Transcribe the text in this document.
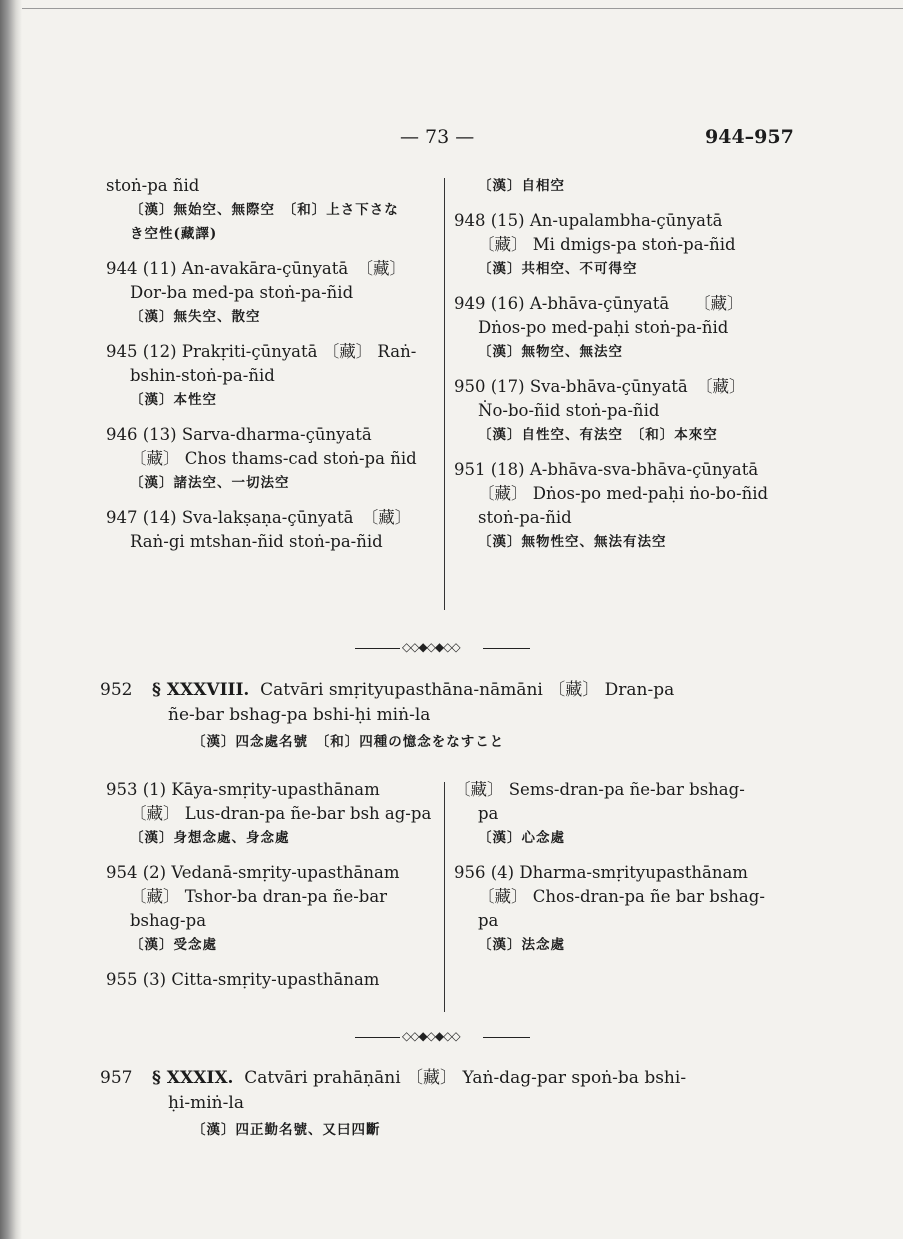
— 73 —	944–957
stoṅ-pa ñid
〔漢〕無始空、無際空　〔和〕上さ下さな
き空性(藏譯)
944 (11) An-avakāra-çūnyatā　〔藏〕
Dor-ba med-pa stoṅ-pa-ñid
〔漢〕無失空、散空
945 (12) Prakṛiti-çūnyatā 〔藏〕 Raṅ-
bshin-stoṅ-pa-ñid
〔漢〕本性空
946 (13) Sarva-dharma-çūnyatā
〔藏〕 Chos thams-cad stoṅ-pa ñid
〔漢〕諸法空、一切法空
947 (14) Sva-lakṣaṇa-çūnyatā　〔藏〕
Raṅ-gi mtshan-ñid stoṅ-pa-ñid
〔漢〕自相空
948 (15) An-upalambha-çūnyatā
〔藏〕 Mi dmigs-pa stoṅ-pa-ñid
〔漢〕共相空、不可得空
949 (16) A-bhāva-çūnyatā　　〔藏〕
Dṅos-po med-paḥi stoṅ-pa-ñid
〔漢〕無物空、無法空
950 (17) Sva-bhāva-çūnyatā　〔藏〕
Ṅo-bo-ñid stoṅ-pa-ñid
〔漢〕自性空、有法空　〔和〕本來空
951 (18) A-bhāva-sva-bhāva-çūnyatā
〔藏〕 Dṅos-po med-paḥi ṅo-bo-ñid
stoṅ-pa-ñid
〔漢〕無物性空、無法有法空
◇◇◆◇◆◇◇
952 § XXXVIII. Catvāri smṛityupasthāna-nāmāni 〔藏〕 Dran-pa
ñe-bar bshag-pa bshi-ḥi miṅ-la
〔漢〕四念處名號　〔和〕四種の憶念をなすこと
953 (1) Kāya-smṛity-upasthānam
〔藏〕 Lus-dran-pa ñe-bar bsh ag-pa
〔漢〕身想念處、身念處
954 (2) Vedanā-smṛity-upasthānam
〔藏〕 Tshor-ba dran-pa ñe-bar
bshag-pa
〔漢〕受念處
955 (3) Citta-smṛity-upasthānam
〔藏〕 Sems-dran-pa ñe-bar bshag-
pa
〔漢〕心念處
956 (4) Dharma-smṛityupasthānam
〔藏〕 Chos-dran-pa ñe bar bshag-
pa
〔漢〕法念處
◇◇◆◇◆◇◇
957 § XXXIX. Catvāri prahāṇāni 〔藏〕 Yaṅ-dag-par spoṅ-ba bshi-
ḥi-miṅ-la
〔漢〕四正勤名號、又曰四斷
